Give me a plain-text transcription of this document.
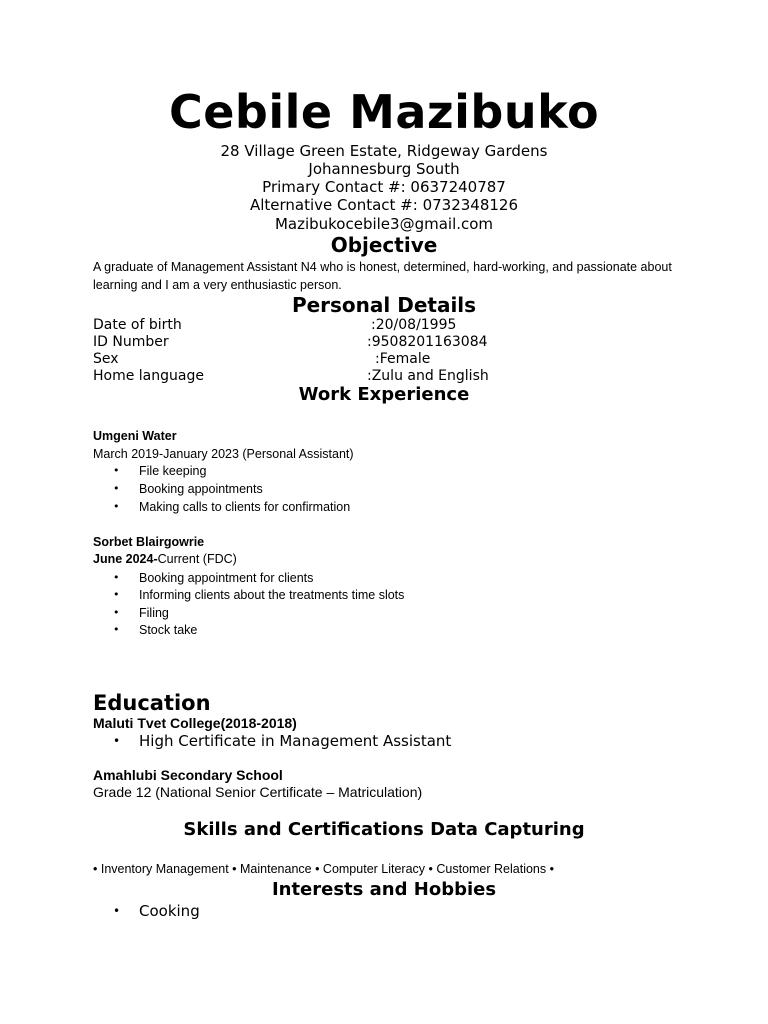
Cebile Mazibuko
28 Village Green Estate, Ridgeway Gardens
Johannesburg South
Primary Contact #: 0637240787
Alternative Contact #: 0732348126
Mazibukocebile3@gmail.com
Objective
A graduate of Management Assistant N4 who is honest, determined, hard-working, and passionate about learning and I am a very enthusiastic person.
Personal Details
Date of birth	:20/08/1995
ID Number	:9508201163084
Sex	:Female
Home language	:Zulu and English
Work Experience
Umgeni Water
March 2019-January 2023 (Personal Assistant)
• File keeping
• Booking appointments
• Making calls to clients for confirmation
Sorbet Blairgowrie
June 2024-Current (FDC)
• Booking appointment for clients
• Informing clients about the treatments time slots
• Filing
• Stock take
Education
Maluti Tvet College(2018-2018)
• High Certificate in Management Assistant
Amahlubi Secondary School
Grade 12 (National Senior Certificate – Matriculation)
Skills and Certifications Data Capturing
• Inventory Management • Maintenance • Computer Literacy • Customer Relations •
Interests and Hobbies
• Cooking
